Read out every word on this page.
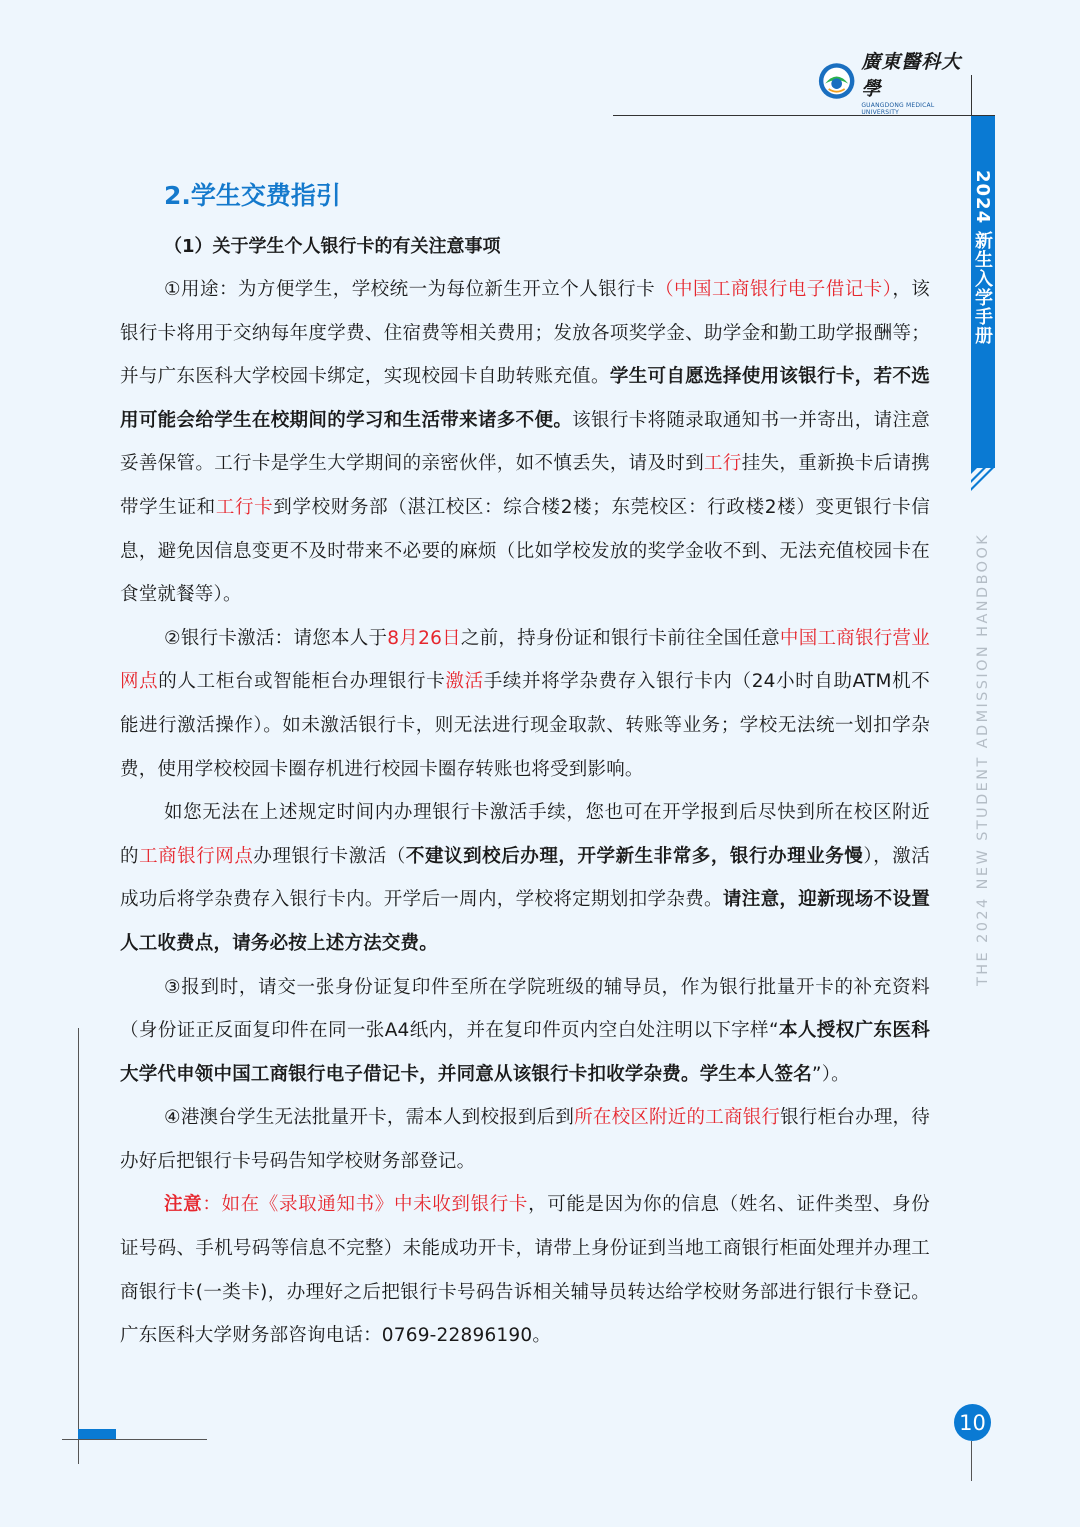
廣東醫科大學
GUANGDONG MEDICAL UNIVERSITY
2024 新生入学手册
THE 2024 NEW STUDENT ADMISSION HANDBOOK
2.学生交费指引
（1）关于学生个人银行卡的有关注意事项

①用途：为方便学生，学校统一为每位新生开立个人银行卡（中国工商银行电子借记卡），该银行卡将用于交纳每年度学费、住宿费等相关费用；发放各项奖学金、助学金和勤工助学报酬等；并与广东医科大学校园卡绑定，实现校园卡自助转账充值。学生可自愿选择使用该银行卡，若不选用可能会给学生在校期间的学习和生活带来诸多不便。该银行卡将随录取通知书一并寄出，请注意妥善保管。工行卡是学生大学期间的亲密伙伴，如不慎丢失，请及时到工行挂失，重新换卡后请携带学生证和工行卡到学校财务部（湛江校区：综合楼2楼；东莞校区：行政楼2楼）变更银行卡信息，避免因信息变更不及时带来不必要的麻烦（比如学校发放的奖学金收不到、无法充值校园卡在食堂就餐等）。

②银行卡激活：请您本人于8月26日之前，持身份证和银行卡前往全国任意中国工商银行营业网点的人工柜台或智能柜台办理银行卡激活手续并将学杂费存入银行卡内（24小时自助ATM机不能进行激活操作）。如未激活银行卡，则无法进行现金取款、转账等业务；学校无法统一划扣学杂费，使用学校校园卡圈存机进行校园卡圈存转账也将受到影响。

如您无法在上述规定时间内办理银行卡激活手续，您也可在开学报到后尽快到所在校区附近的工商银行网点办理银行卡激活（不建议到校后办理，开学新生非常多，银行办理业务慢），激活成功后将学杂费存入银行卡内。开学后一周内，学校将定期划扣学杂费。请注意，迎新现场不设置人工收费点，请务必按上述方法交费。

③报到时，请交一张身份证复印件至所在学院班级的辅导员，作为银行批量开卡的补充资料（身份证正反面复印件在同一张A4纸内，并在复印件页内空白处注明以下字样“本人授权广东医科大学代申领中国工商银行电子借记卡，并同意从该银行卡扣收学杂费。学生本人签名”）。

④港澳台学生无法批量开卡，需本人到校报到后到所在校区附近的工商银行银行柜台办理，待办好后把银行卡号码告知学校财务部登记。

注意：如在《录取通知书》中未收到银行卡，可能是因为你的信息（姓名、证件类型、身份证号码、手机号码等信息不完整）未能成功开卡，请带上身份证到当地工商银行柜面处理并办理工商银行卡(一类卡)，办理好之后把银行卡号码告诉相关辅导员转达给学校财务部进行银行卡登记。广东医科大学财务部咨询电话：0769-22896190。

10
